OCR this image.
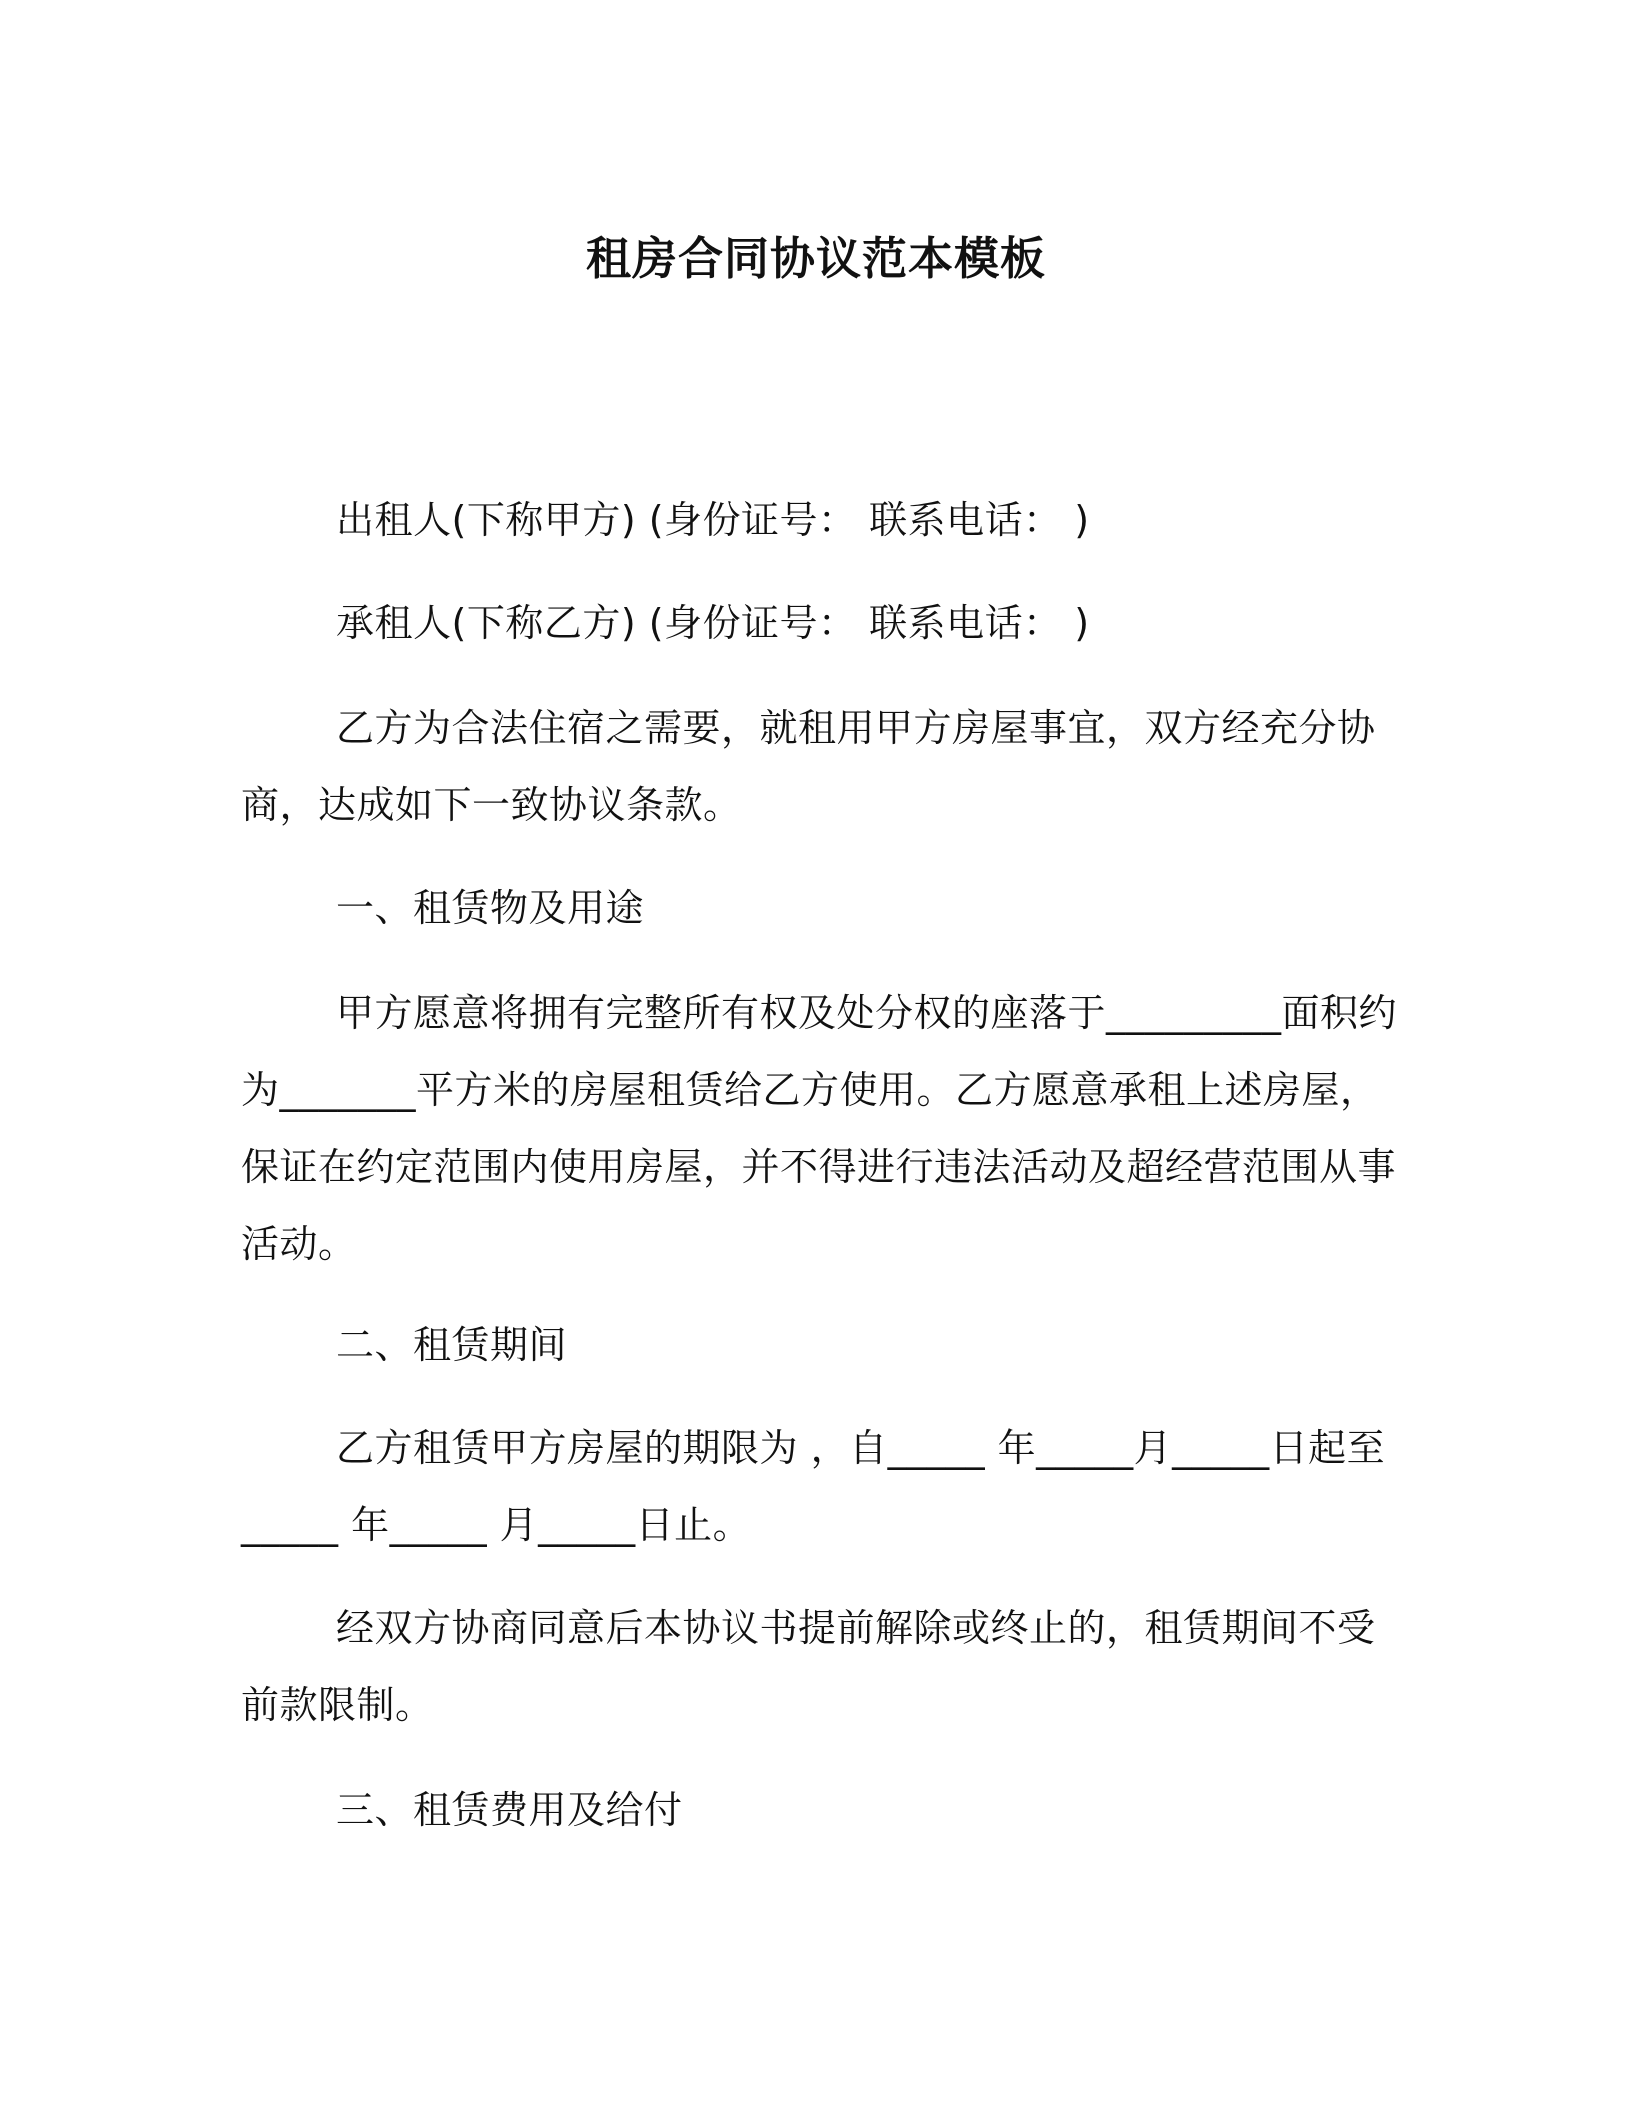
租房合同协议范本模板
出租人(下称甲方) (身份证号： 联系电话： )
承租人(下称乙方) (身份证号： 联系电话： )
乙方为合法住宿之需要，就租用甲方房屋事宜，双方经充分协商，达成如下一致协议条款。
一、租赁物及用途
甲方愿意将拥有完整所有权及处分权的座落于_________面积约为_______平方米的房屋租赁给乙方使用。乙方愿意承租上述房屋，保证在约定范围内使用房屋，并不得进行违法活动及超经营范围从事活动。
二、租赁期间
乙方租赁甲方房屋的期限为 ，自_____ 年_____月_____日起至_____ 年_____ 月_____日止。
经双方协商同意后本协议书提前解除或终止的，租赁期间不受前款限制。
三、租赁费用及给付
